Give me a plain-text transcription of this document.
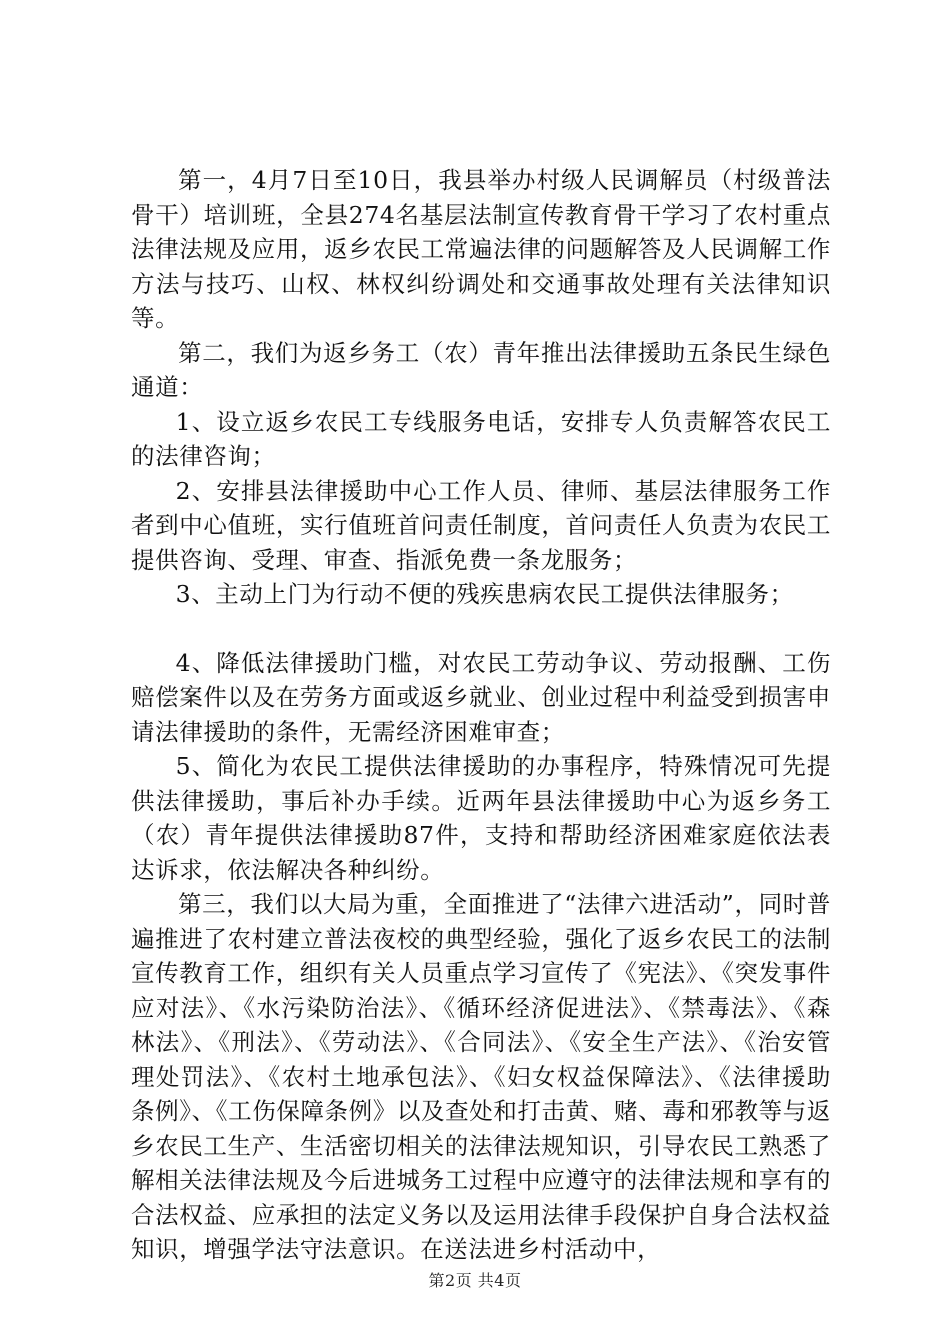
第一，4月7日至10日，我县举办村级人民调解员（村级普法骨干）培训班，全县274名基层法制宣传教育骨干学习了农村重点法律法规及应用，返乡农民工常遍法律的问题解答及人民调解工作方法与技巧、山权、林权纠纷调处和交通事故处理有关法律知识等。

第二，我们为返乡务工（农）青年推出法律援助五条民生绿色通道：

1、设立返乡农民工专线服务电话，安排专人负责解答农民工的法律咨询；

2、安排县法律援助中心工作人员、律师、基层法律服务工作者到中心值班，实行值班首问责任制度，首问责任人负责为农民工提供咨询、受理、审查、指派免费一条龙服务；

3、主动上门为行动不便的残疾患病农民工提供法律服务；

4、降低法律援助门槛，对农民工劳动争议、劳动报酬、工伤赔偿案件以及在劳务方面或返乡就业、创业过程中利益受到损害申请法律援助的条件，无需经济困难审查；

5、简化为农民工提供法律援助的办事程序，特殊情况可先提供法律援助，事后补办手续。近两年县法律援助中心为返乡务工（农）青年提供法律援助87件，支持和帮助经济困难家庭依法表达诉求，依法解决各种纠纷。

第三，我们以大局为重，全面推进了“法律六进活动”，同时普遍推进了农村建立普法夜校的典型经验，强化了返乡农民工的法制宣传教育工作，组织有关人员重点学习宣传了《宪法》、《突发事件应对法》、《水污染防治法》、《循环经济促进法》、《禁毒法》、《森林法》、《刑法》、《劳动法》、《合同法》、《安全生产法》、《治安管理处罚法》、《农村土地承包法》、《妇女权益保障法》、《法律援助条例》、《工伤保障条例》以及查处和打击黄、赌、毒和邪教等与返乡农民工生产、生活密切相关的法律法规知识，引导农民工熟悉了解相关法律法规及今后进城务工过程中应遵守的法律法规和享有的合法权益、应承担的法定义务以及运用法律手段保护自身合法权益知识，增强学法守法意识。在送法进乡村活动中，

第2页 共4页
